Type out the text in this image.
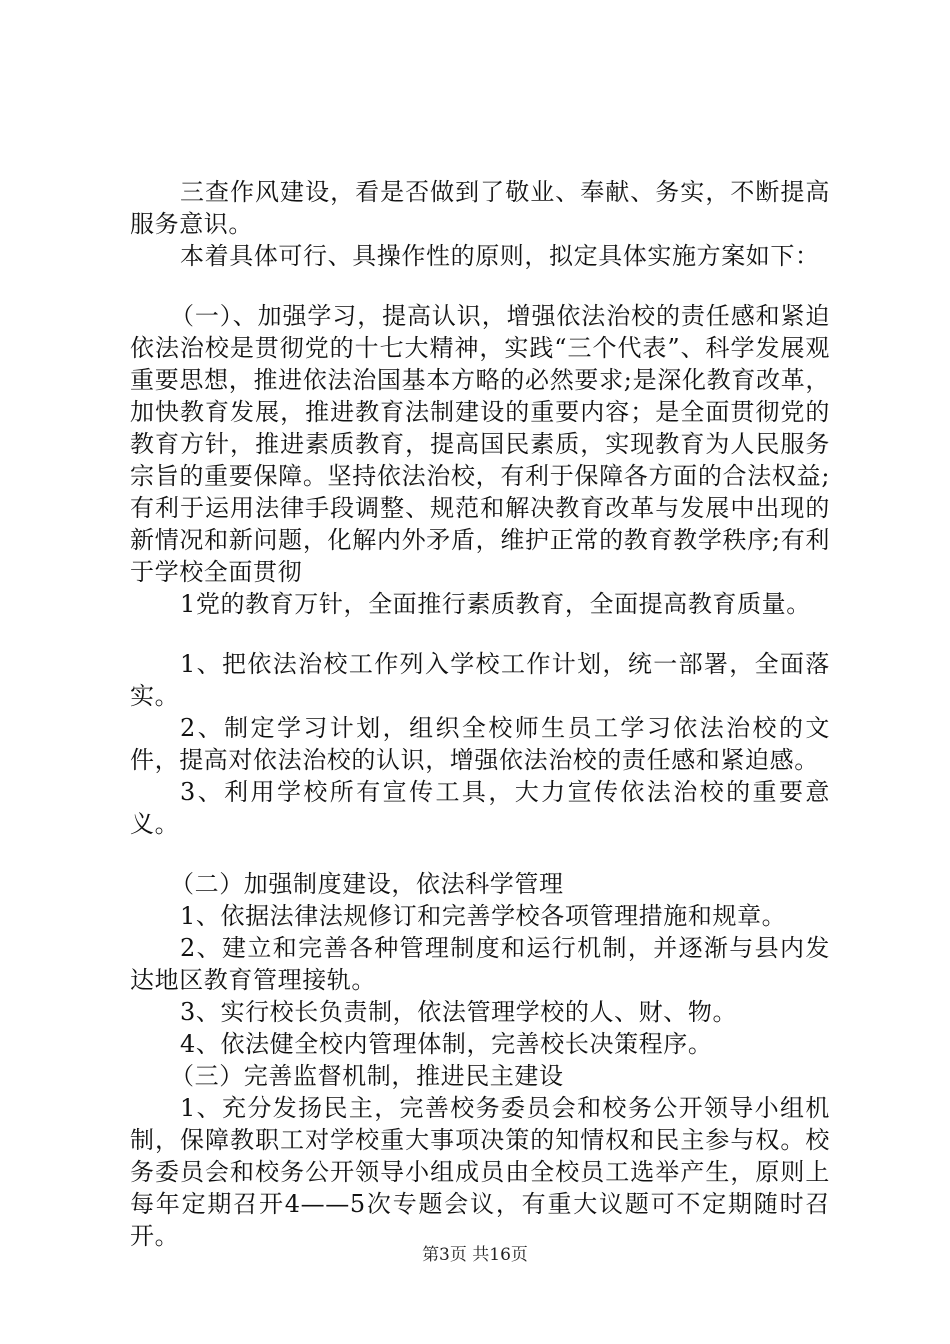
三查作风建设，看是否做到了敬业、奉献、务实，不断提高服务意识。

本着具体可行、具操作性的原则，拟定具体实施方案如下：

（一）、加强学习，提高认识，增强依法治校的责任感和紧迫依法治校是贯彻党的十七大精神，实践“三个代表”、科学发展观重要思想，推进依法治国基本方略的必然要求;是深化教育改革，加快教育发展，推进教育法制建设的重要内容；是全面贯彻党的教育方针，推进素质教育，提高国民素质，实现教育为人民服务宗旨的重要保障。坚持依法治校，有利于保障各方面的合法权益;有利于运用法律手段调整、规范和解决教育改革与发展中出现的新情况和新问题，化解内外矛盾，维护正常的教育教学秩序;有利于学校全面贯彻

1党的教育万针，全面推行素质教育，全面提高教育质量。

1、把依法治校工作列入学校工作计划，统一部署，全面落实。

2、制定学习计划，组织全校师生员工学习依法治校的文件，提高对依法治校的认识，增强依法治校的责任感和紧迫感。

3、利用学校所有宣传工具，大力宣传依法治校的重要意义。

（二）加强制度建设，依法科学管理

1、依据法律法规修订和完善学校各项管理措施和规章。

2、建立和完善各种管理制度和运行机制，并逐渐与县内发达地区教育管理接轨。

3、实行校长负责制，依法管理学校的人、财、物。

4、依法健全校内管理体制，完善校长决策程序。

（三）完善监督机制，推进民主建设

1、充分发扬民主，完善校务委员会和校务公开领导小组机制，保障教职工对学校重大事项决策的知情权和民主参与权。校务委员会和校务公开领导小组成员由全校员工选举产生，原则上每年定期召开4——5次专题会议，有重大议题可不定期随时召开。

第3页 共16页
